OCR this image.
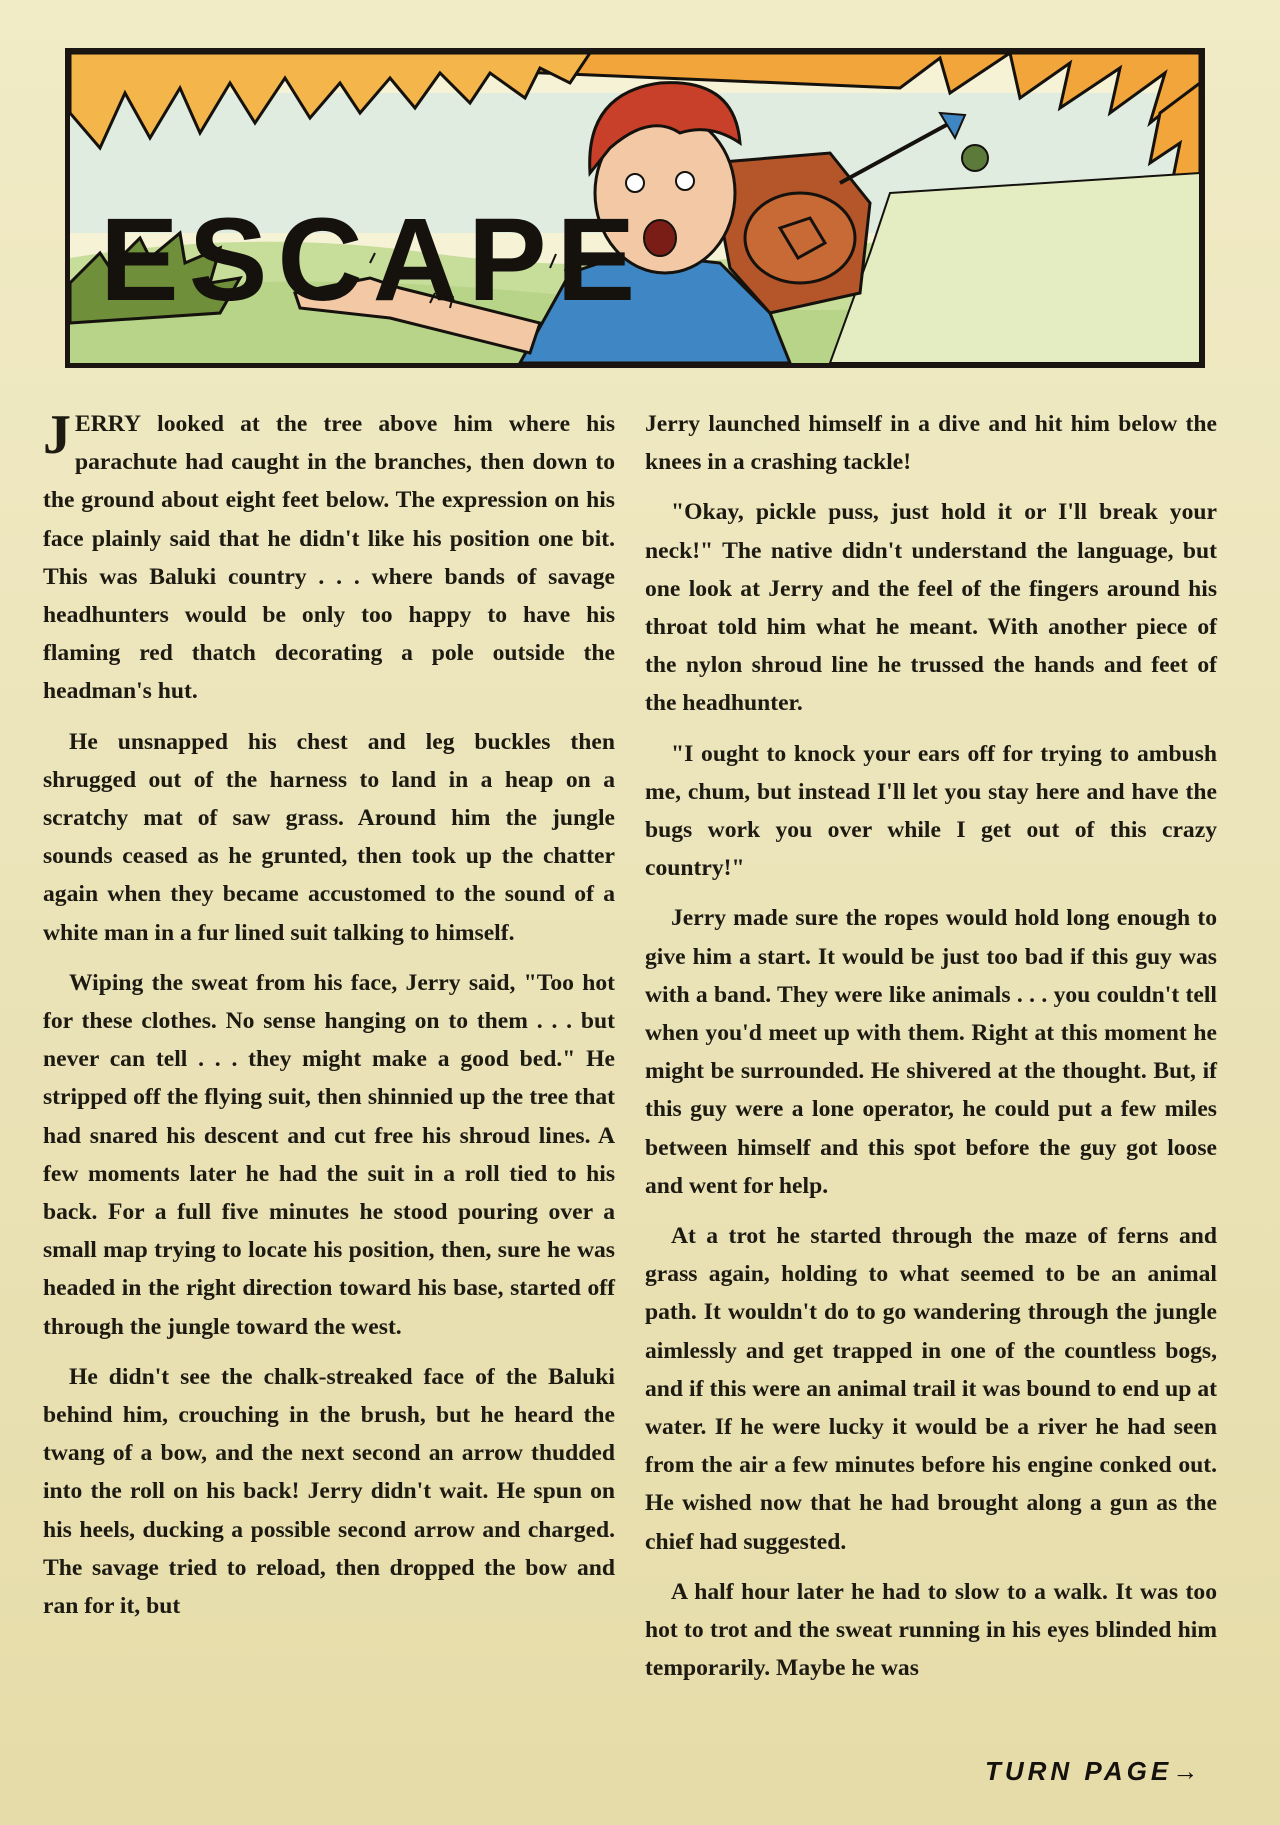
ESCAPE

JERRY looked at the tree above him where his parachute had caught in the branches, then down to the ground about eight feet below. The expression on his face plainly said that he didn't like his position one bit. This was Baluki country . . . where bands of savage headhunters would be only too happy to have his flaming red thatch decorating a pole outside the headman's hut.

He unsnapped his chest and leg buckles then shrugged out of the harness to land in a heap on a scratchy mat of saw grass. Around him the jungle sounds ceased as he grunted, then took up the chatter again when they became accustomed to the sound of a white man in a fur lined suit talking to himself.

Wiping the sweat from his face, Jerry said, "Too hot for these clothes. No sense hanging on to them . . . but never can tell . . . they might make a good bed." He stripped off the flying suit, then shinnied up the tree that had snared his descent and cut free his shroud lines. A few moments later he had the suit in a roll tied to his back. For a full five minutes he stood pouring over a small map trying to locate his position, then, sure he was headed in the right direction toward his base, started off through the jungle toward the west.

He didn't see the chalk-streaked face of the Baluki behind him, crouching in the brush, but he heard the twang of a bow, and the next second an arrow thudded into the roll on his back! Jerry didn't wait. He spun on his heels, ducking a possible second arrow and charged. The savage tried to reload, then dropped the bow and ran for it, but

Jerry launched himself in a dive and hit him below the knees in a crashing tackle!

"Okay, pickle puss, just hold it or I'll break your neck!" The native didn't understand the language, but one look at Jerry and the feel of the fingers around his throat told him what he meant. With another piece of the nylon shroud line he trussed the hands and feet of the headhunter.

"I ought to knock your ears off for trying to ambush me, chum, but instead I'll let you stay here and have the bugs work you over while I get out of this crazy country!"

Jerry made sure the ropes would hold long enough to give him a start. It would be just too bad if this guy was with a band. They were like animals . . . you couldn't tell when you'd meet up with them. Right at this moment he might be surrounded. He shivered at the thought. But, if this guy were a lone operator, he could put a few miles between himself and this spot before the guy got loose and went for help.

At a trot he started through the maze of ferns and grass again, holding to what seemed to be an animal path. It wouldn't do to go wandering through the jungle aimlessly and get trapped in one of the countless bogs, and if this were an animal trail it was bound to end up at water. If he were lucky it would be a river he had seen from the air a few minutes before his engine conked out. He wished now that he had brought along a gun as the chief had suggested.

A half hour later he had to slow to a walk. It was too hot to trot and the sweat running in his eyes blinded him temporarily. Maybe he was

TURN PAGE→
